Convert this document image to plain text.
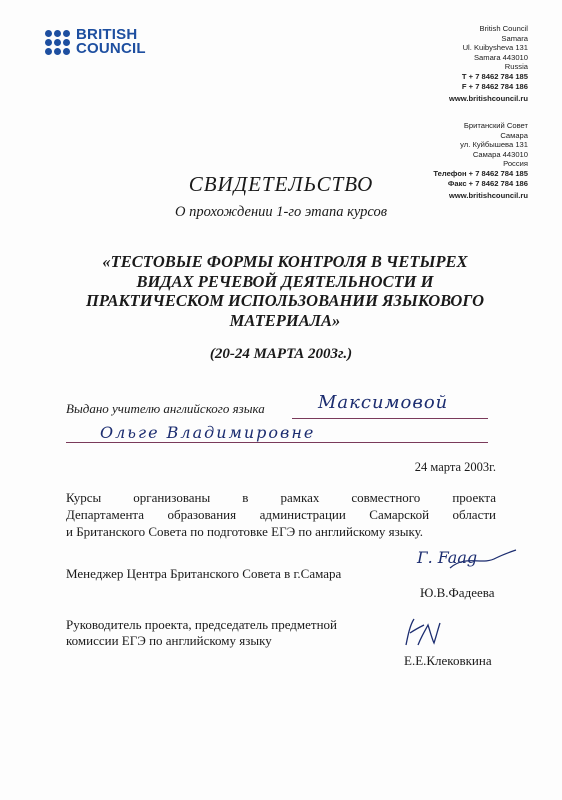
BRITISH
COUNCIL
British Council
Samara
Ul. Kuibysheva 131
Samara 443010
Russia
T + 7 8462 784 185
F + 7 8462 784 186
www.britishcouncil.ru
Британский Совет
Самара
ул. Куйбышева 131
Самара 443010
Россия
Телефон + 7 8462 784 185
Факс + 7 8462 784 186
www.britishcouncil.ru
СВИДЕТЕЛЬСТВО
О прохождении 1-го этапа курсов
«ТЕСТОВЫЕ ФОРМЫ КОНТРОЛЯ В ЧЕТЫРЕХ
ВИДАХ РЕЧЕВОЙ ДЕЯТЕЛЬНОСТИ И
ПРАКТИЧЕСКОМ ИСПОЛЬЗОВАНИИ ЯЗЫКОВОГО
МАТЕРИАЛА»
(20-24 МАРТА 2003г.)
Выдано учителю английского языка	Максимовой
Ольге Владимировне
24 марта 2003г.
Курсы организованы в рамках совместного проекта
Департамента образования администрации Самарской области
и Британского Совета по подготовке ЕГЭ по английскому языку.
Менеджер Центра Британского Совета в г.Самара
Г. Faag
Ю.В.Фадеева
Руководитель проекта, председатель предметной
комиссии ЕГЭ по английскому языку
Е.Е.Клековкина
